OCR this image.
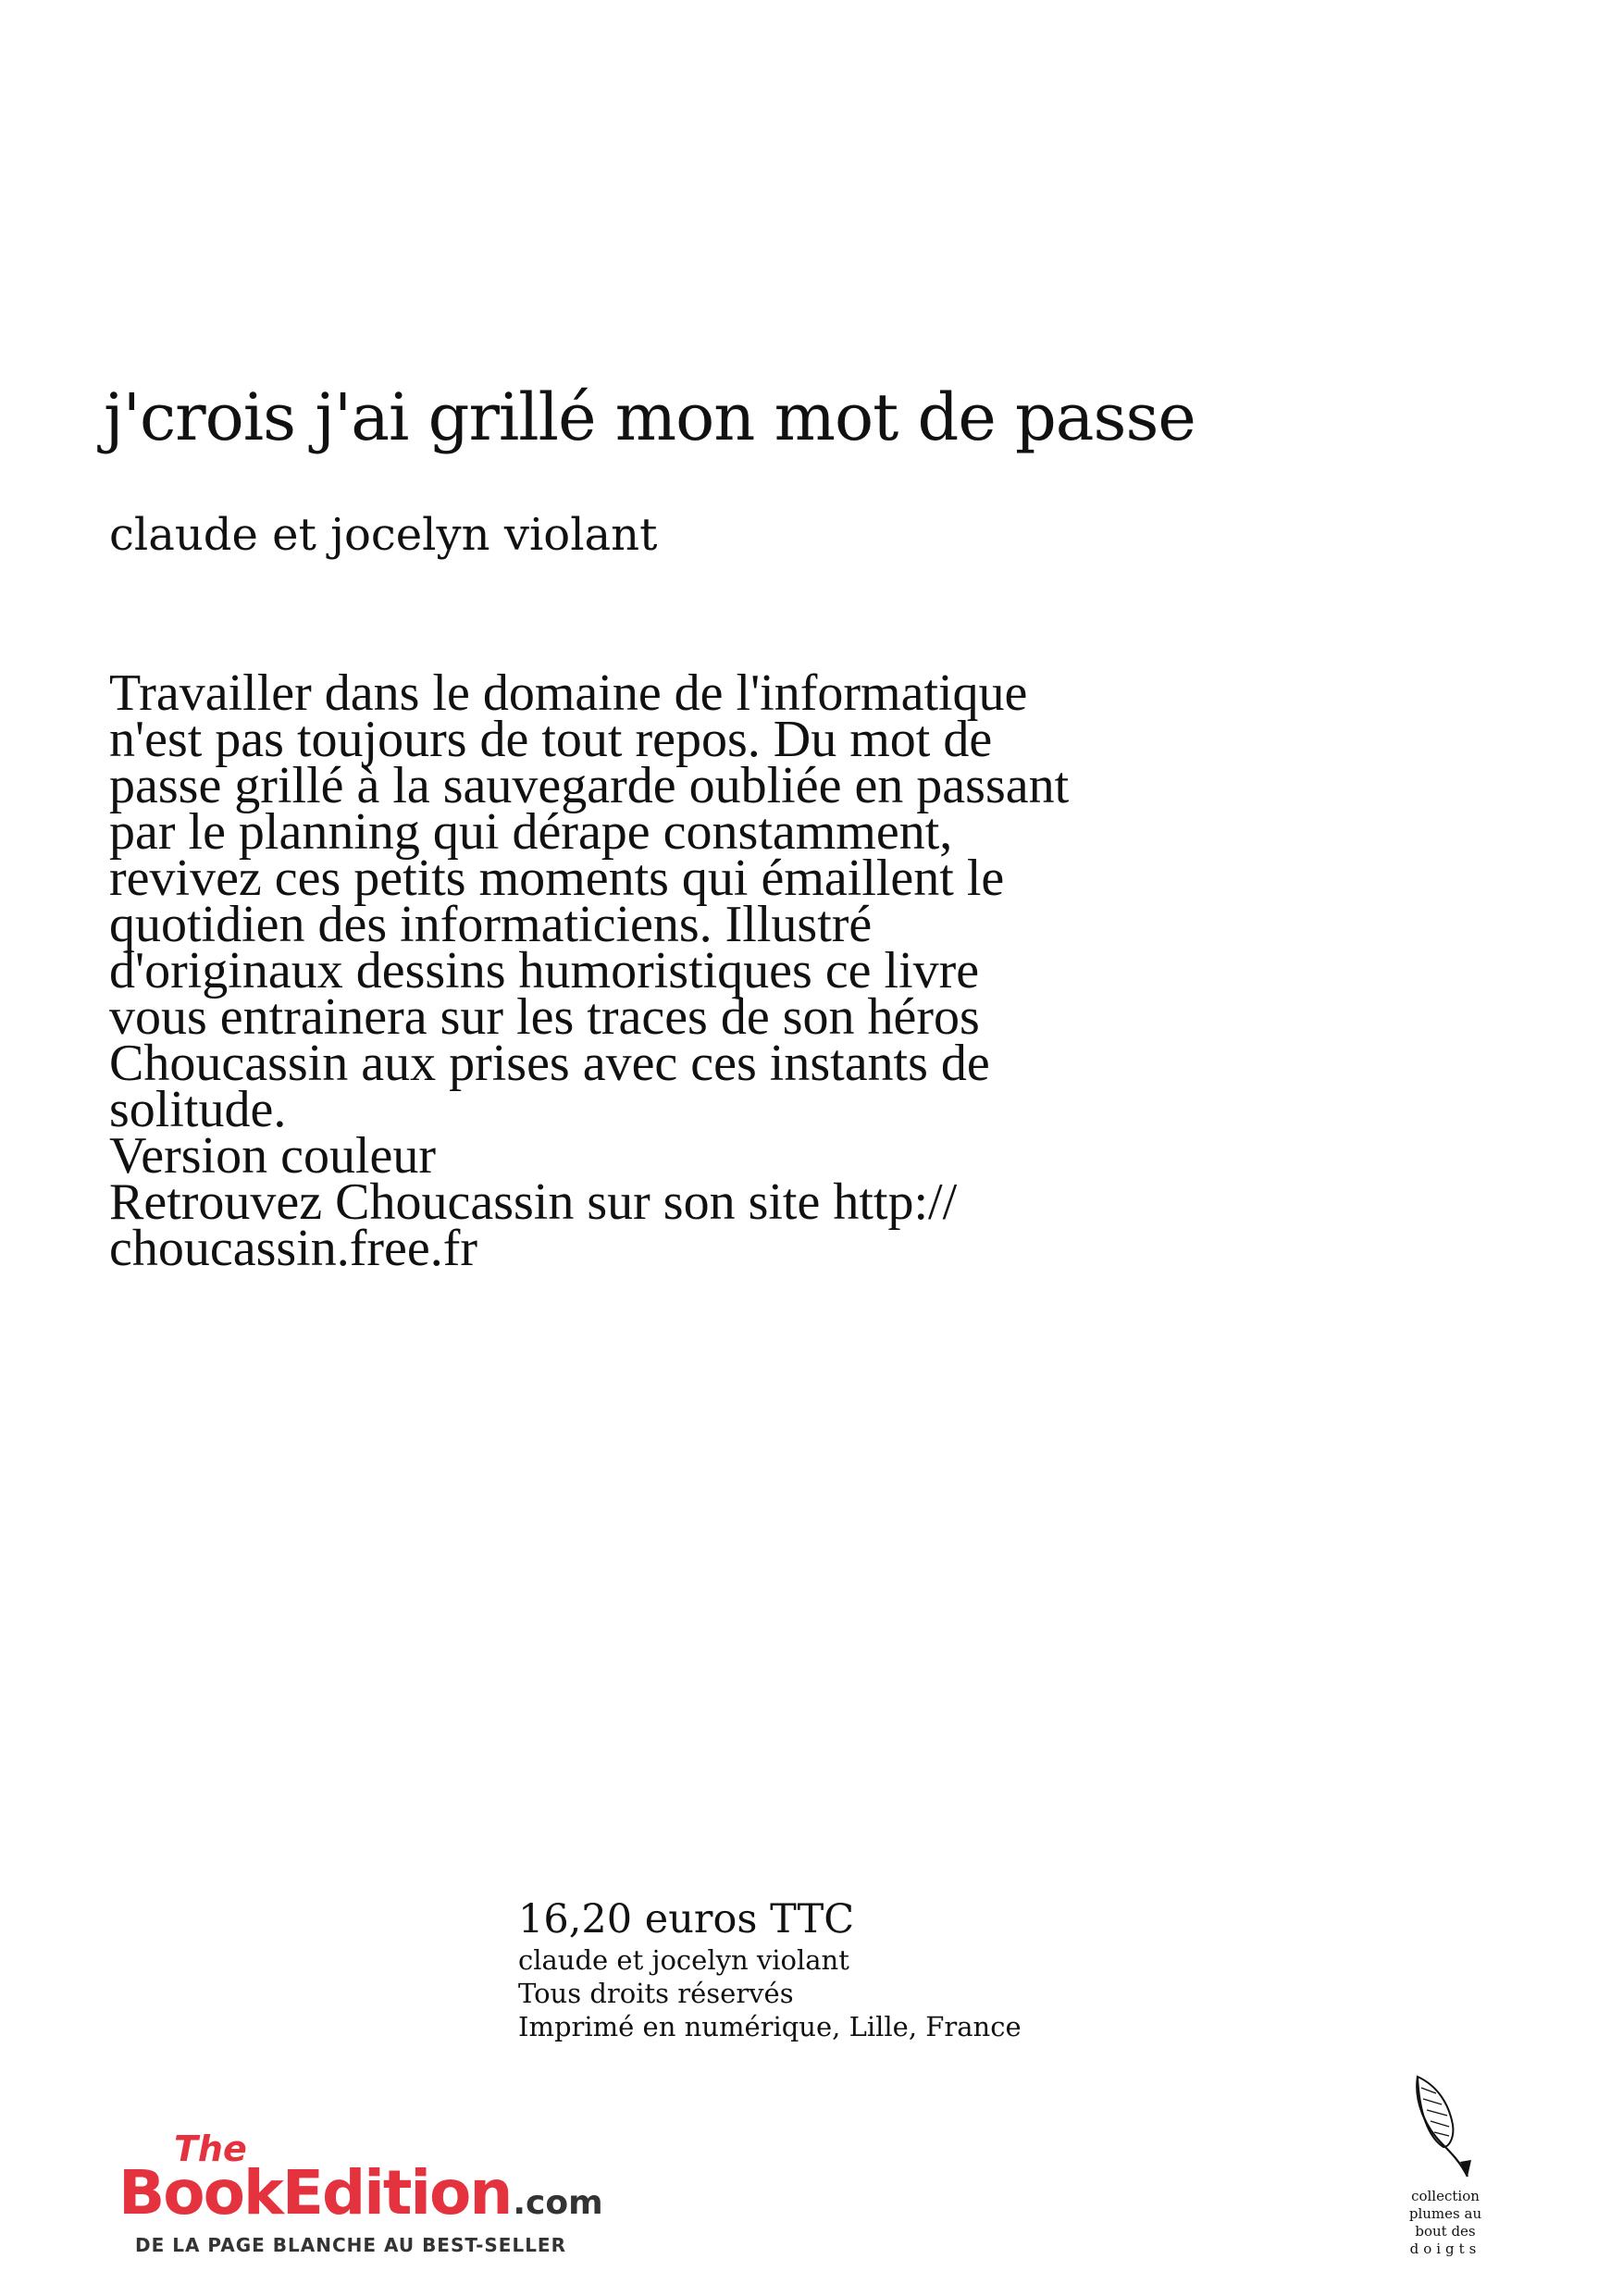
j'crois j'ai grillé mon mot de passe

claude et jocelyn violant

Travailler dans le domaine de l'informatique
n'est pas toujours de tout repos. Du mot de
passe grillé à la sauvegarde oubliée en passant
par le planning qui dérape constamment,
revivez ces petits moments qui émaillent le
quotidien des informaticiens. Illustré
d'originaux dessins humoristiques ce livre
vous entrainera sur les traces de son héros
Choucassin aux prises avec ces instants de
solitude.
Version couleur
Retrouvez Choucassin sur son site http://
choucassin.free.fr
16,20 euros TTC
claude et jocelyn violant
Tous droits réservés
Imprimé en numérique, Lille, France
The
BookEdition.com
DE LA PAGE BLANCHE AU BEST-SELLER
collection
plumes au
bout des
doigts
